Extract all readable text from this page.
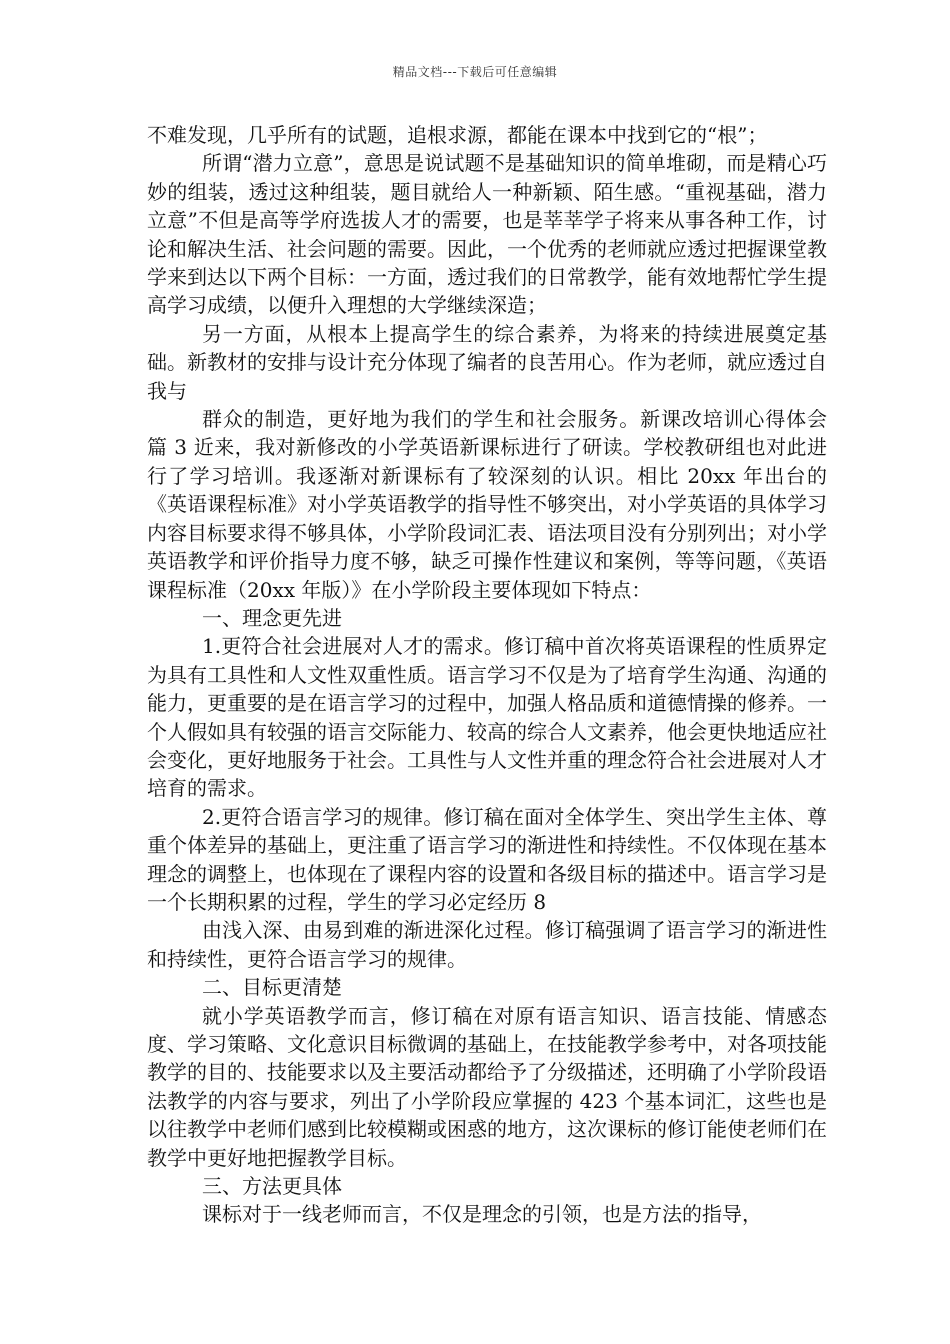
精品文档---下载后可任意编辑

不难发现，几乎所有的试题，追根求源，都能在课本中找到它的“根”；

所谓“潜力立意”，意思是说试题不是基础知识的简单堆砌，而是精心巧妙的组装，透过这种组装，题目就给人一种新颖、陌生感。“重视基础，潜力立意”不但是高等学府选拔人才的需要，也是莘莘学子将来从事各种工作，讨论和解决生活、社会问题的需要。因此，一个优秀的老师就应透过把握课堂教学来到达以下两个目标：一方面，透过我们的日常教学，能有效地帮忙学生提高学习成绩，以便升入理想的大学继续深造；

另一方面，从根本上提高学生的综合素养，为将来的持续进展奠定基础。新教材的安排与设计充分体现了编者的良苦用心。作为老师，就应透过自我与

群众的制造，更好地为我们的学生和社会服务。新课改培训心得体会  篇 3 近来，我对新修改的小学英语新课标进行了研读。学校教研组也对此进行了学习培训。我逐渐对新课标有了较深刻的认识。相比 20xx 年出台的《英语课程标准》对小学英语教学的指导性不够突出，对小学英语的具体学习内容目标要求得不够具体，小学阶段词汇表、语法项目没有分别列出；对小学英语教学和评价指导力度不够，缺乏可操作性建议和案例，等等问题，《英语课程标准（20xx 年版）》在小学阶段主要体现如下特点：

一、理念更先进

1.更符合社会进展对人才的需求。修订稿中首次将英语课程的性质界定为具有工具性和人文性双重性质。语言学习不仅是为了培育学生沟通、沟通的能力，更重要的是在语言学习的过程中，加强人格品质和道德情操的修养。一个人假如具有较强的语言交际能力、较高的综合人文素养，他会更快地适应社会变化，更好地服务于社会。工具性与人文性并重的理念符合社会进展对人才培育的需求。

2.更符合语言学习的规律。修订稿在面对全体学生、突出学生主体、尊重个体差异的基础上，更注重了语言学习的渐进性和持续性。不仅体现在基本理念的调整上，也体现在了课程内容的设置和各级目标的描述中。语言学习是一个长期积累的过程，学生的学习必定经历 8

由浅入深、由易到难的渐进深化过程。修订稿强调了语言学习的渐进性和持续性，更符合语言学习的规律。

二、目标更清楚

就小学英语教学而言，修订稿在对原有语言知识、语言技能、情感态度、学习策略、文化意识目标微调的基础上，在技能教学参考中，对各项技能教学的目的、技能要求以及主要活动都给予了分级描述，还明确了小学阶段语法教学的内容与要求，列出了小学阶段应掌握的 423 个基本词汇，这些也是以往教学中老师们感到比较模糊或困惑的地方，这次课标的修订能使老师们在教学中更好地把握教学目标。

三、方法更具体

课标对于一线老师而言，不仅是理念的引领，也是方法的指导，
